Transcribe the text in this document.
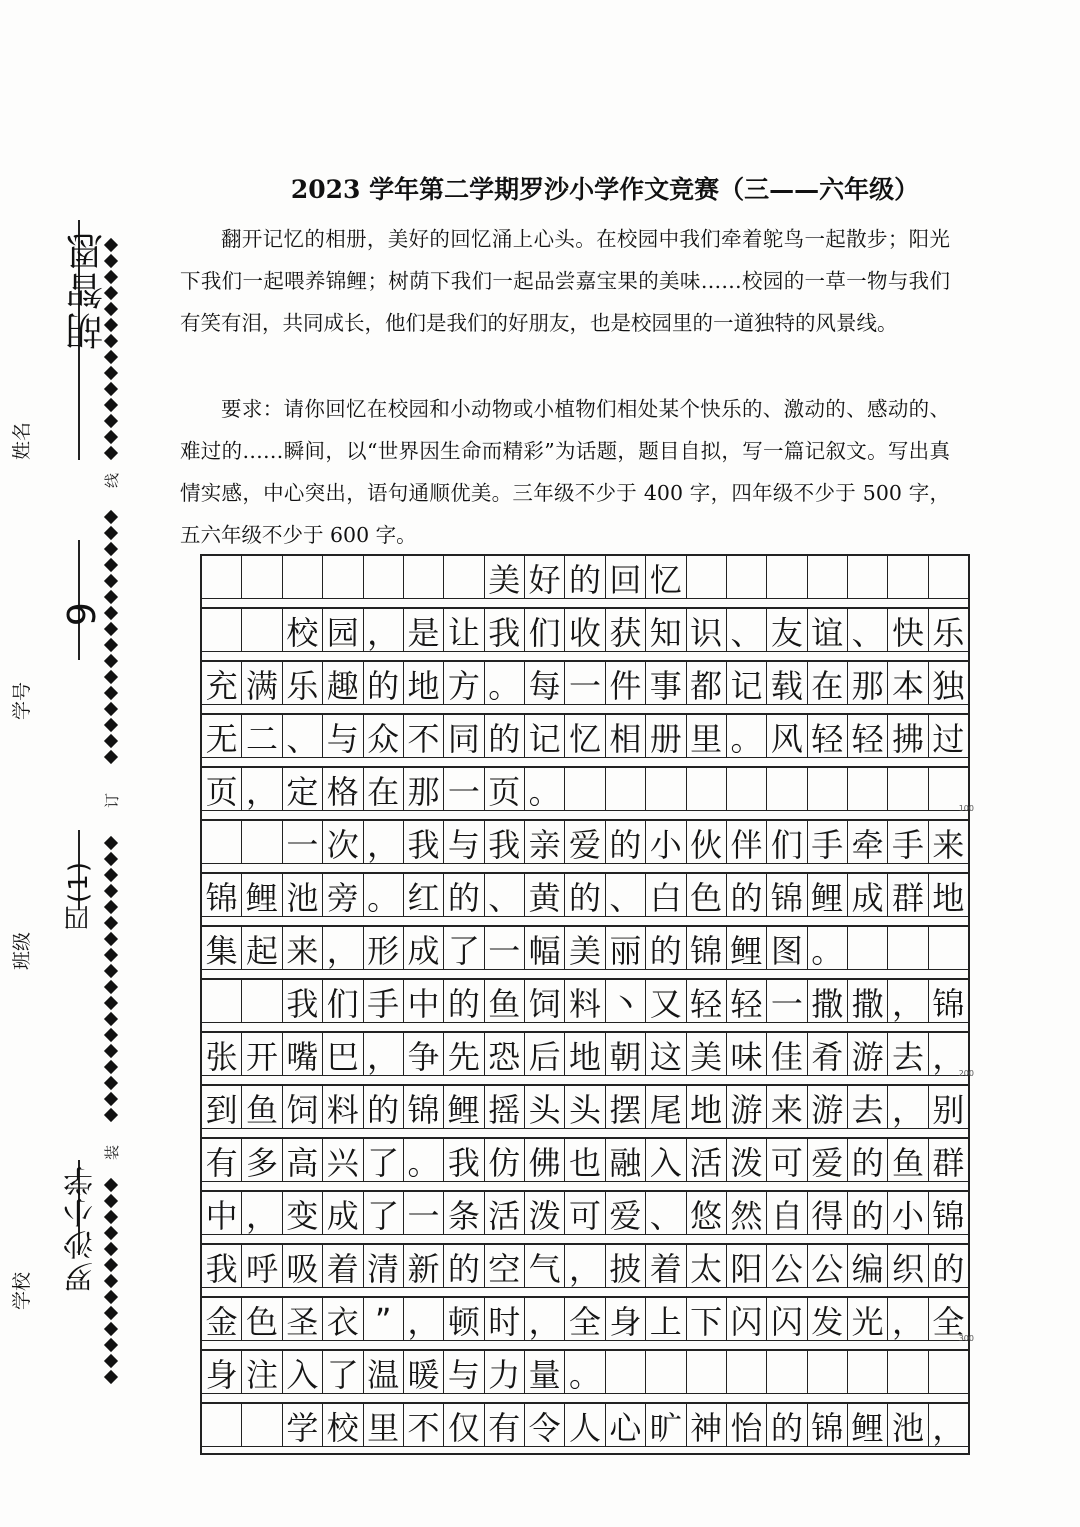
线
订
装
胡智恩
姓名
9
学号
四(1)
班级
罗沙小学
学校
2023 学年第二学期罗沙小学作文竞赛（三——六年级）
翻开记忆的相册，美好的回忆涌上心头。在校园中我们牵着鸵鸟一起散步；阳光下我们一起喂养锦鲤；树荫下我们一起品尝嘉宝果的美味……校园的一草一物与我们有笑有泪，共同成长，他们是我们的好朋友，也是校园里的一道独特的风景线。
要求：请你回忆在校园和小动物或小植物们相处某个快乐的、激动的、感动的、难过的……瞬间，以“世界因生命而精彩”为话题，题目自拟，写一篇记叙文。写出真情实感，中心突出，语句通顺优美。三年级不少于 400 字，四年级不少于 500 字，五六年级不少于 600 字。
美 好 的 回 忆
校 园 ， 是 让 我 们 收 获 知 识 、 友 谊 、 快 乐
充 满 乐 趣 的 地 方 。 每 一 件 事 都 记 载 在 那 本 独
无 二 、 与 众 不 同 的 记 忆 相 册 里 。 风 轻 轻 拂 过
页 ， 定 格 在 那 一 页 。	100
一 次 ， 我 与 我 亲 爱 的 小 伙 伴 们 手 牵 手 来
锦 鲤 池 旁 。 红 的 、 黄 的 、 白 色 的 锦 鲤 成 群 地
集 起 来 ， 形 成 了 一 幅 美 丽 的 锦 鲤 图 。
我 们 手 中 的 鱼 饲 料 丶 又 轻 轻 一 撒 撒 ， 锦
张 开 嘴 巴 ， 争 先 恐 后 地 朝 这 美 味 佳 肴 游 去 ，
200
到 鱼 饲 料 的 锦 鲤 摇 头 头 摆 尾 地 游 来 游 去 ， 别
有 多 高 兴 了 。 我 仿 佛 也 融 入 活 泼 可 爱 的 鱼 群
中 ， 变 成 了 一 条 活 泼 可 爱 、 悠 然 自 得 的 小 锦
我 呼 吸 着 清 新 的 空 气 ， 披 着 太 阳 公 公 编 织 的
金 色 圣 衣 ” ， 顿 时 ， 全 身 上 下 闪 闪 发 光 ， 全
300
身 注 入 了 温 暖 与 力 量 。
学 校 里 不 仅 有 令 人 心 旷 神 怡 的 锦 鲤 池 ，
